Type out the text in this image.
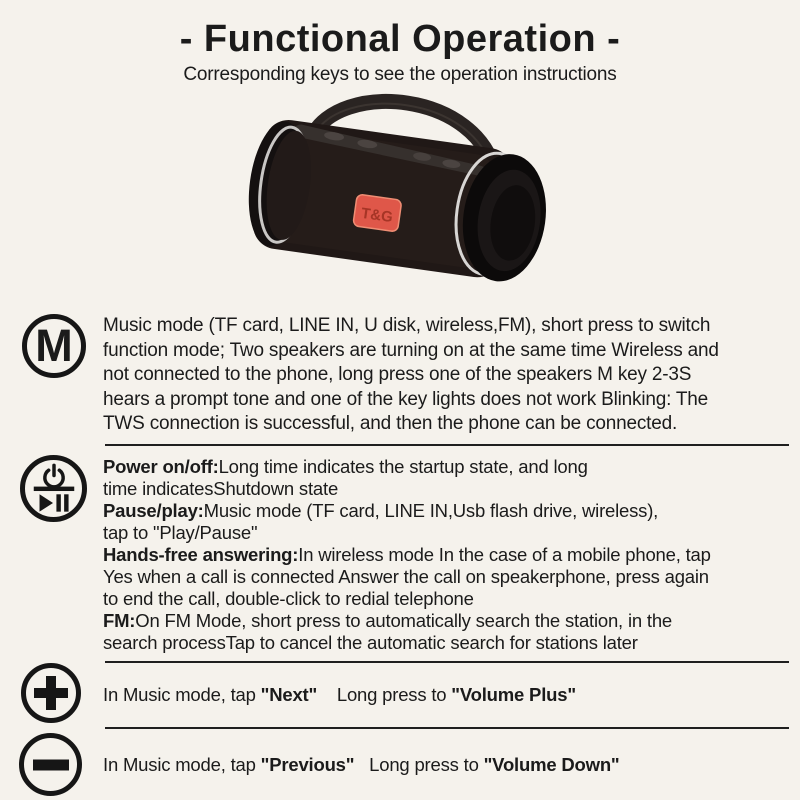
- Functional Operation -
Corresponding keys to see the operation instructions
T&G
M Music mode (TF card, LINE IN, U disk, wireless,FM), short press to switch
function mode; Two speakers are turning on at the same time Wireless and
not connected to the phone, long press one of the speakers M key 2-3S
hears a prompt tone and one of the key lights does not work Blinking: The
TWS connection is successful, and then the phone can be connected.
Power on/off:Long time indicates the startup state, and long
time indicatesShutdown state
Pause/play:Music mode (TF card, LINE IN,Usb flash drive, wireless),
tap to "Play/Pause"
Hands-free answering:In wireless mode In the case of a mobile phone, tap
Yes when a call is connected Answer the call on speakerphone, press again
to end the call, double-click to redial telephone
FM:On FM Mode, short press to automatically search the station, in the
search processTap to cancel the automatic search for stations later
In Music mode, tap "Next"    Long press to "Volume Plus"
In Music mode, tap "Previous"   Long press to "Volume Down"
